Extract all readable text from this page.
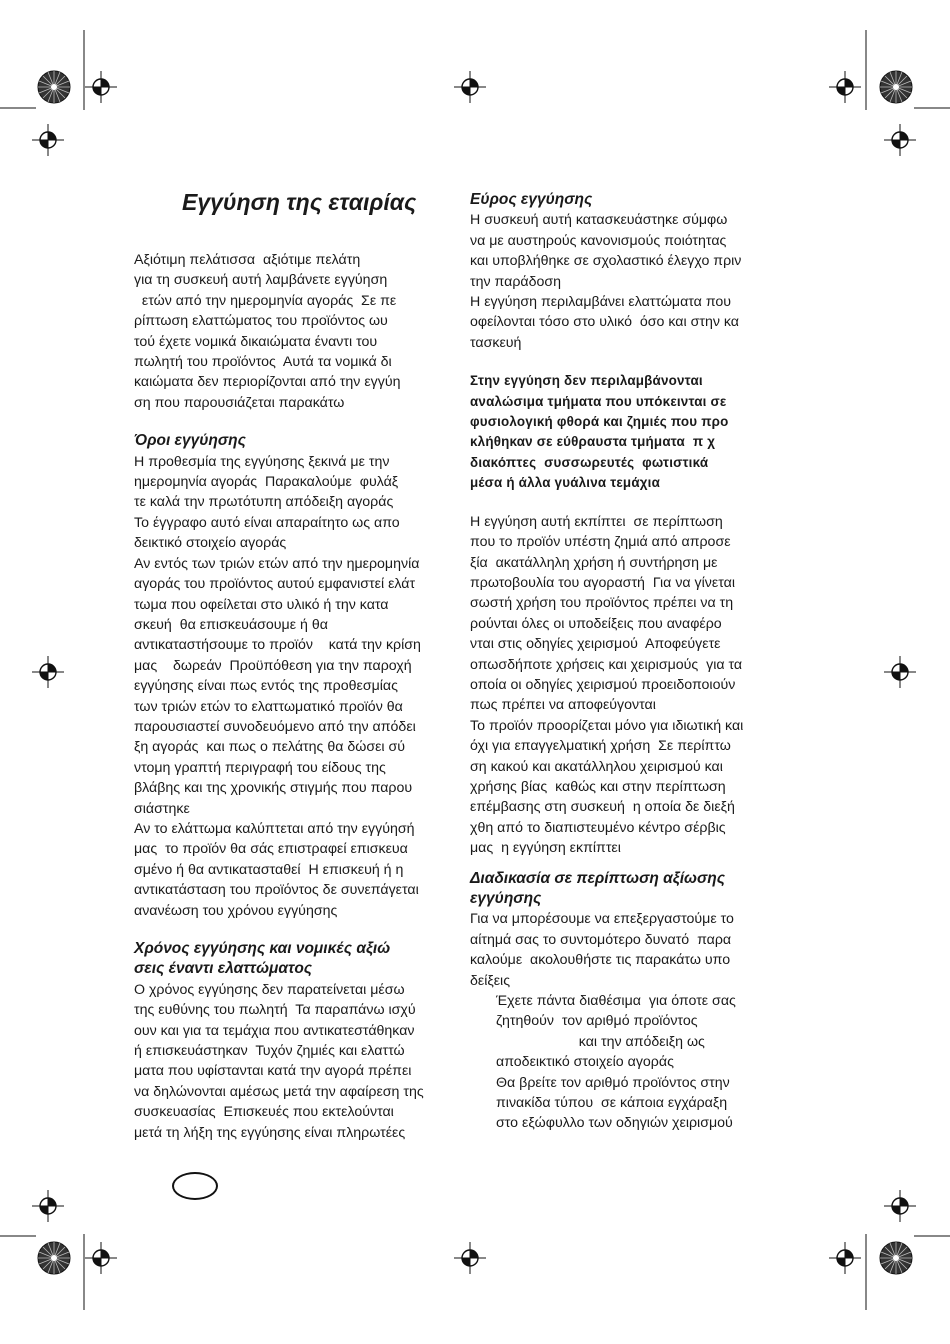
Εγγύηση της εταιρίας

Αξιότιμη πελάτισσα  αξιότιμε πελάτη

για τη συσκευή αυτή λαμβάνετε εγγύηση

ετών από την ημερομηνία αγοράς  Σε πε

ρίπτωση ελαττώματος του προϊόντος ωυ

τού έχετε νομικά δικαιώματα έναντι του

πωλητή του προϊόντος  Αυτά τα νομικά δι

καιώματα δεν περιορίζονται από την εγγύη

ση που παρουσιάζεται παρακάτω

Όροι εγγύησης

Η προθεσμία της εγγύησης ξεκινά με την

ημερομηνία αγοράς  Παρακαλούμε  φυλάξ

τε καλά την πρωτότυπη απόδειξη αγοράς

Το έγγραφο αυτό είναι απαραίτητο ως απο

δεικτικό στοιχείο αγοράς

Αν εντός των τριών ετών από την ημερομηνία

αγοράς του προϊόντος αυτού εμφανιστεί ελάτ

τωμα που οφείλεται στο υλικό ή την κατα

σκευή  θα επισκευάσουμε ή θα

αντικαταστήσουμε το προϊόν    κατά την κρίση

μας    δωρεάν  Προϋπόθεση για την παροχή

εγγύησης είναι πως εντός της προθεσμίας

των τριών ετών το ελαττωματικό προϊόν θα

παρουσιαστεί συνοδευόμενο από την απόδει

ξη αγοράς  και πως ο πελάτης θα δώσει σύ

ντομη γραπτή περιγραφή του είδους της

βλάβης και της χρονικής στιγμής που παρου

σιάστηκε

Αν το ελάττωμα καλύπτεται από την εγγύησή

μας  το προϊόν θα σάς επιστραφεί επισκευα

σμένο ή θα αντικατασταθεί  Η επισκευή ή η

αντικατάσταση του προϊόντος δε συνεπάγεται

ανανέωση του χρόνου εγγύησης

Χρόνος εγγύησης και νομικές αξιώ

σεις έναντι ελαττώματος

Ο χρόνος εγγύησης δεν παρατείνεται μέσω

της ευθύνης του πωλητή  Τα παραπάνω ισχύ

ουν και για τα τεμάχια που αντικατεστάθηκαν

ή επισκευάστηκαν  Τυχόν ζημιές και ελαττώ

ματα που υφίστανται κατά την αγορά πρέπει

να δηλώνονται αμέσως μετά την αφαίρεση της

συσκευασίας  Επισκευές που εκτελούνται

μετά τη λήξη της εγγύησης είναι πληρωτέες

Εύρος εγγύησης

Η συσκευή αυτή κατασκευάστηκε σύμφω

να με αυστηρούς κανονισμούς ποιότητας

και υποβλήθηκε σε σχολαστικό έλεγχο πριν

την παράδοση

Η εγγύηση περιλαμβάνει ελαττώματα που

οφείλονται τόσο στο υλικό  όσο και στην κα

τασκευή

Στην εγγύηση δεν περιλαμβάνονται

αναλώσιμα τμήματα που υπόκεινται σε

φυσιολογική φθορά και ζημιές που προ

κλήθηκαν σε εύθραυστα τμήματα  π χ

διακόπτες  συσσωρευτές  φωτιστικά

μέσα ή άλλα γυάλινα τεμάχια

Η εγγύηση αυτή εκπίπτει  σε περίπτωση

που το προϊόν υπέστη ζημιά από απροσε

ξία  ακατάλληλη χρήση ή συντήρηση με

πρωτοβουλία του αγοραστή  Για να γίνεται

σωστή χρήση του προϊόντος πρέπει να τη

ρούνται όλες οι υποδείξεις που αναφέρο

νται στις οδηγίες χειρισμού  Αποφεύγετε

οπωσδήποτε χρήσεις και χειρισμούς  για τα

οποία οι οδηγίες χειρισμού προειδοποιούν

πως πρέπει να αποφεύγονται

Το προϊόν προορίζεται μόνο για ιδιωτική και

όχι για επαγγελματική χρήση  Σε περίπτω

ση κακού και ακατάλληλου χειρισμού και

χρήσης βίας  καθώς και στην περίπτωση

επέμβασης στη συσκευή  η οποία δε διεξή

χθη από το διαπιστευμένο κέντρο σέρβις

μας  η εγγύηση εκπίπτει

Διαδικασία σε περίπτωση αξίωσης

εγγύησης

Για να μπορέσουμε να επεξεργαστούμε το

αίτημά σας το συντομότερο δυνατό  παρα

καλούμε  ακολουθήστε τις παρακάτω υπο

δείξεις

Έχετε πάντα διαθέσιμα  για όποτε σας

ζητηθούν  τον αριθμό προϊόντος

και την απόδειξη ως

αποδεικτικό στοιχείο αγοράς

Θα βρείτε τον αριθμό προϊόντος στην

πινακίδα τύπου  σε κάποια εγχάραξη

στο εξώφυλλο των οδηγιών χειρισμού
